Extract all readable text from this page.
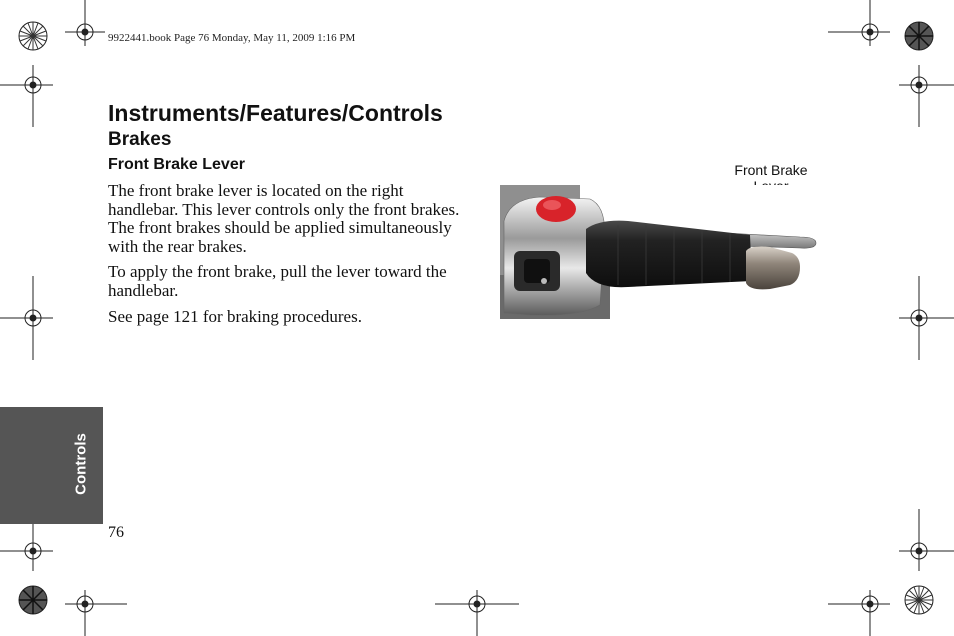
9922441.book Page 76 Monday, May 11, 2009 1:16 PM
Instruments/Features/Controls
Brakes
Front Brake Lever

The front brake lever is located on the right handlebar. This lever controls only the front brakes. The front brakes should be applied simultaneously with the rear brakes.

To apply the front brake, pull the lever toward the handlebar.

See page 121 for braking procedures.

Front Brake
Controls
76
